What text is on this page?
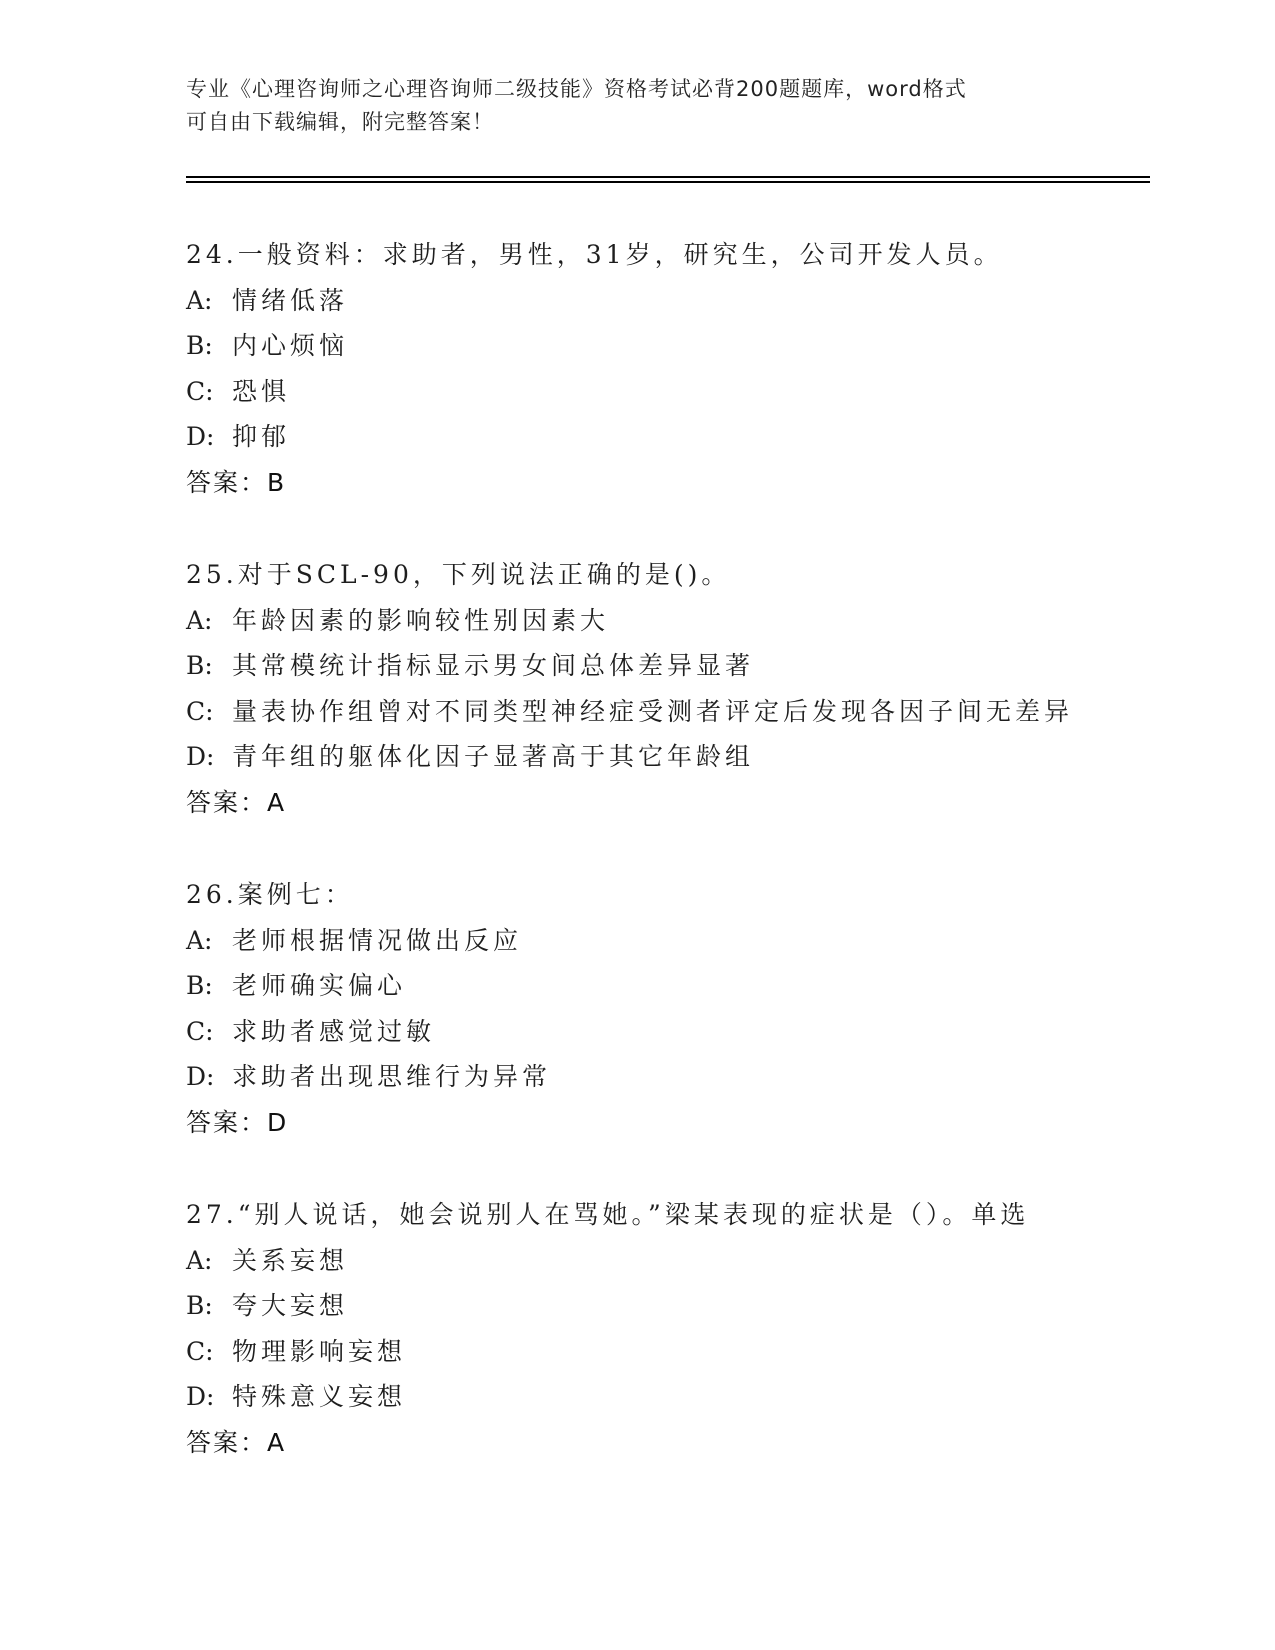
专业《心理咨询师之心理咨询师二级技能》资格考试必背200题题库，word格式
可自由下载编辑，附完整答案！
24.一般资料：求助者，男性，31岁，研究生，公司开发人员。
A: 情绪低落
B: 内心烦恼
C: 恐惧
D: 抑郁
答案：B
25.对于SCL-90，下列说法正确的是()。
A: 年龄因素的影响较性别因素大
B: 其常模统计指标显示男女间总体差异显著
C: 量表协作组曾对不同类型神经症受测者评定后发现各因子间无差异
D: 青年组的躯体化因子显著高于其它年龄组
答案：A
26.案例七：
A: 老师根据情况做出反应
B: 老师确实偏心
C: 求助者感觉过敏
D: 求助者出现思维行为异常
答案：D
27.“别人说话，她会说别人在骂她。”梁某表现的症状是（）。单选
A: 关系妄想
B: 夸大妄想
C: 物理影响妄想
D: 特殊意义妄想
答案：A
